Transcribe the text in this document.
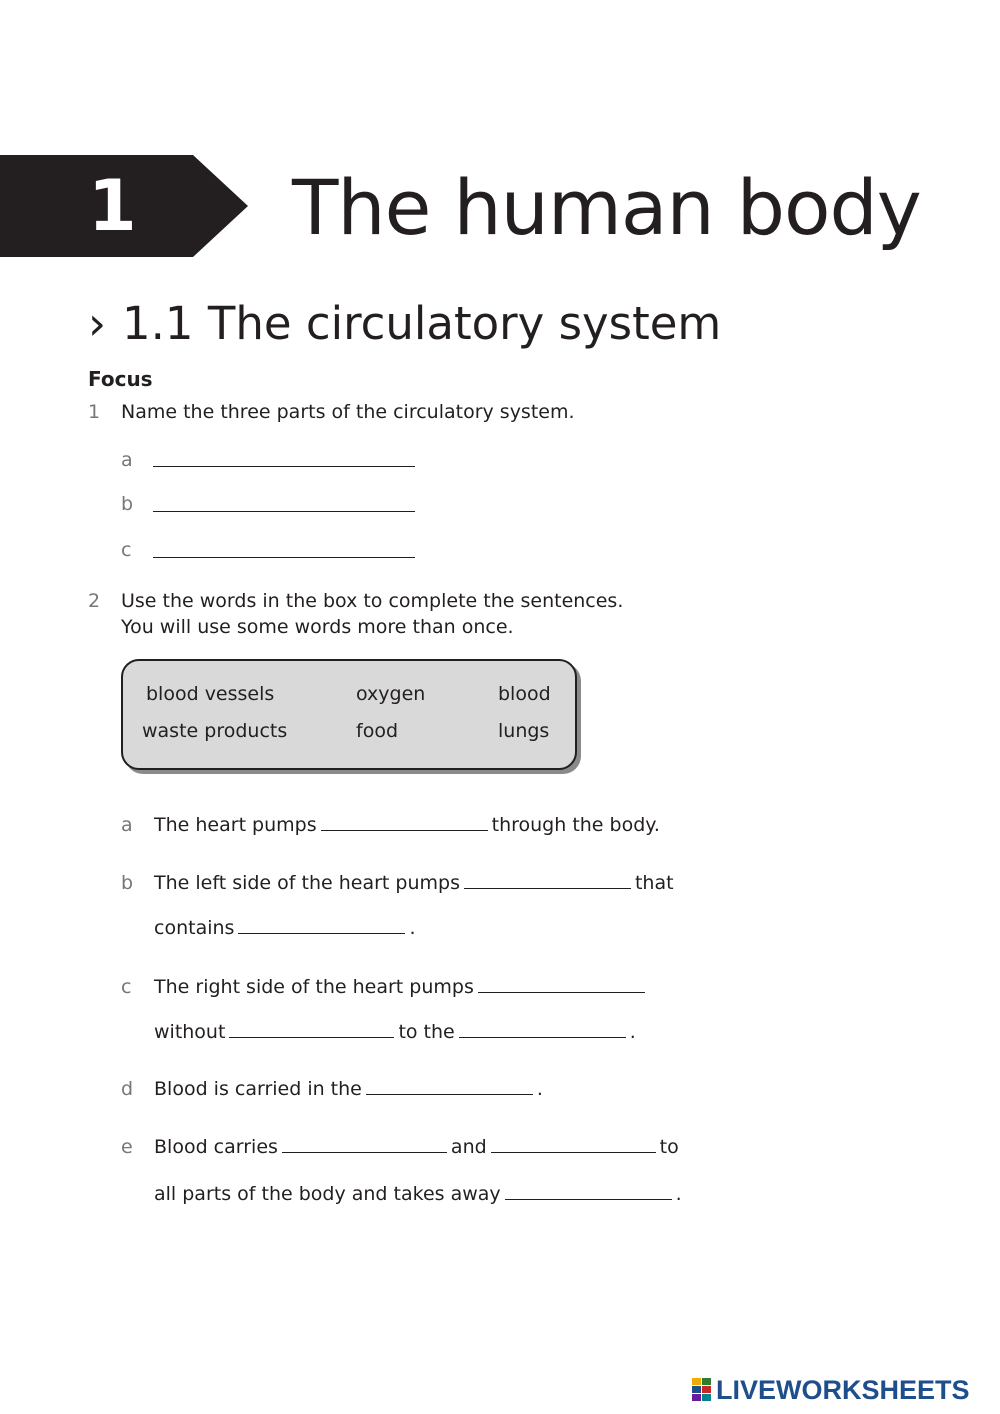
1 The human body
› 1.1 The circulatory system
Focus
1	Name the three parts of the circulatory system.
a
b
c
2	Use the words in the box to complete the sentences.
You will use some words more than once.
blood vessels	oxygen	blood
waste products	food	lungs
a The heart pumps	through the body.
b The left side of the heart pumps	that
contains	.
c The right side of the heart pumps
without	to the	.
d Blood is carried in the	.
e Blood carries	and	to
all parts of the body and takes away	.
LIVEWORKSHEETS
